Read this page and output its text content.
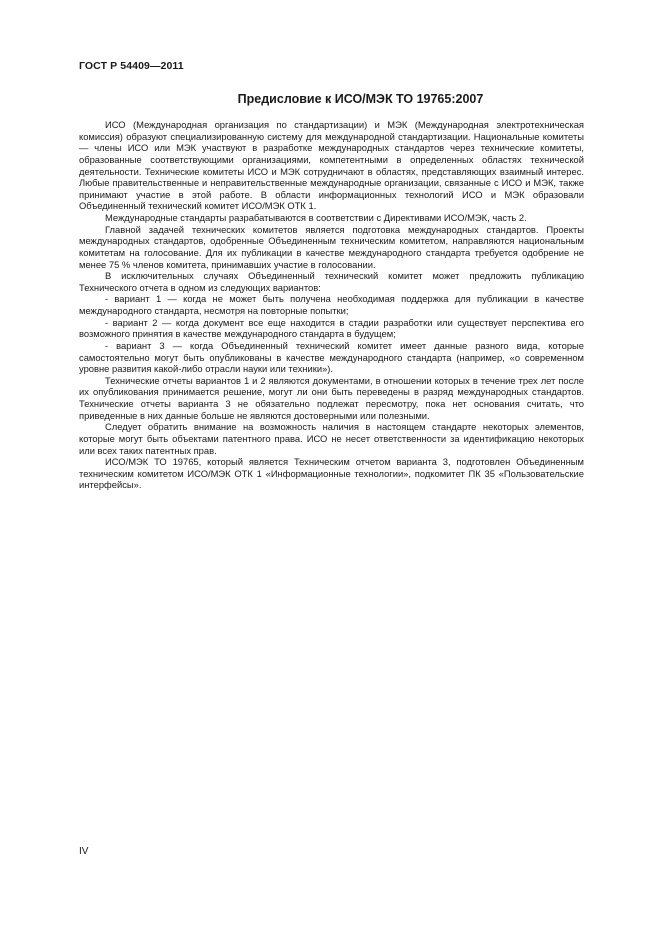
ГОСТ Р 54409—2011
Предисловие к ИСО/МЭК ТО 19765:2007

ИСО (Международная организация по стандартизации) и МЭК (Международная электротехническая комиссия) образуют специализированную систему для международной стандартизации. Национальные комитеты — члены ИСО или МЭК участвуют в разработке международных стандартов через технические комитеты, образованные соответствующими организациями, компетентными в определенных областях технической деятельности. Технические комитеты ИСО и МЭК сотрудничают в областях, представляющих взаимный интерес. Любые правительственные и неправительственные международные организации, связанные с ИСО и МЭК, также принимают участие в этой работе. В области информационных технологий ИСО и МЭК образовали Объединенный технический комитет ИСО/МЭК ОТК 1.

Международные стандарты разрабатываются в соответствии с Директивами ИСО/МЭК, часть 2.

Главной задачей технических комитетов является подготовка международных стандартов. Проекты международных стандартов, одобренные Объединенным техническим комитетом, направляются национальным комитетам на голосование. Для их публикации в качестве международного стандарта требуется одобрение не менее 75 % членов комитета, принимавших участие в голосовании.

В исключительных случаях Объединенный технический комитет может предложить публикацию Технического отчета в одном из следующих вариантов:

- вариант 1 — когда не может быть получена необходимая поддержка для публикации в качестве международного стандарта, несмотря на повторные попытки;

- вариант 2 — когда документ все еще находится в стадии разработки или существует перспектива его возможного принятия в качестве международного стандарта в будущем;

- вариант 3 — когда Объединенный технический комитет имеет данные разного вида, которые самостоятельно могут быть опубликованы в качестве международного стандарта (например, «о современном уровне развития какой-либо отрасли науки или техники»).

Технические отчеты вариантов 1 и 2 являются документами, в отношении которых в течение трех лет после их опубликования принимается решение, могут ли они быть переведены в разряд международных стандартов. Технические отчеты варианта 3 не обязательно подлежат пересмотру, пока нет основания считать, что приведенные в них данные больше не являются достоверными или полезными.

Следует обратить внимание на возможность наличия в настоящем стандарте некоторых элементов, которые могут быть объектами патентного права. ИСО не несет ответственности за идентификацию некоторых или всех таких патентных прав.

ИСО/МЭК ТО 19765, который является Техническим отчетом варианта 3, подготовлен Объединенным техническим комитетом ИСО/МЭК ОТК 1 «Информационные технологии», подкомитет ПК 35 «Пользовательские интерфейсы».

IV
